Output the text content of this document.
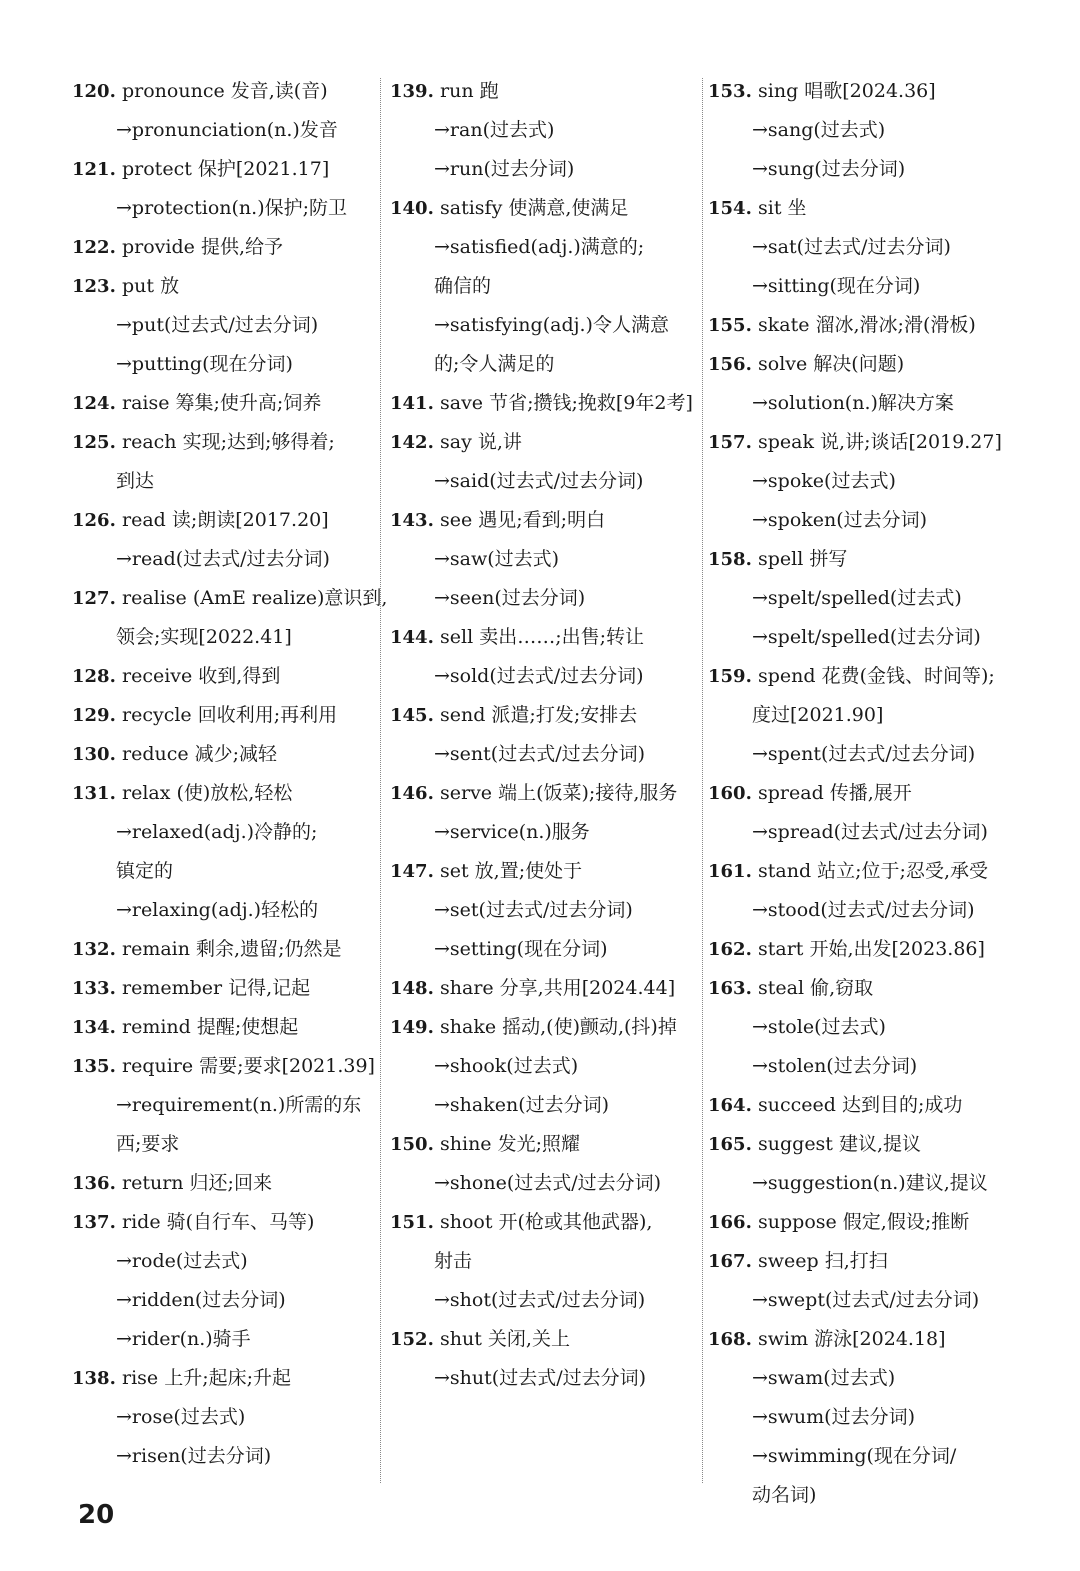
120. pronounce 发音,读(音)
→pronunciation(n.)发音
121. protect 保护[2021.17]
→protection(n.)保护;防卫
122. provide 提供,给予
123. put 放
→put(过去式/过去分词)
→putting(现在分词)
124. raise 筹集;使升高;饲养
125. reach 实现;达到;够得着;
到达
126. read 读;朗读[2017.20]
→read(过去式/过去分词)
127. realise (AmE realize)意识到,
领会;实现[2022.41]
128. receive 收到,得到
129. recycle 回收利用;再利用
130. reduce 减少;减轻
131. relax (使)放松,轻松
→relaxed(adj.)冷静的;
镇定的
→relaxing(adj.)轻松的
132. remain 剩余,遗留;仍然是
133. remember 记得,记起
134. remind 提醒;使想起
135. require 需要;要求[2021.39]
→requirement(n.)所需的东
西;要求
136. return 归还;回来
137. ride 骑(自行车、马等)
→rode(过去式)
→ridden(过去分词)
→rider(n.)骑手
138. rise 上升;起床;升起
→rose(过去式)
→risen(过去分词)
139. run 跑
→ran(过去式)
→run(过去分词)
140. satisfy 使满意,使满足
→satisfied(adj.)满意的;
确信的
→satisfying(adj.)令人满意
的;令人满足的
141. save 节省;攒钱;挽救[9年2考]
142. say 说,讲
→said(过去式/过去分词)
143. see 遇见;看到;明白
→saw(过去式)
→seen(过去分词)
144. sell 卖出……;出售;转让
→sold(过去式/过去分词)
145. send 派遣;打发;安排去
→sent(过去式/过去分词)
146. serve 端上(饭菜);接待,服务
→service(n.)服务
147. set 放,置;使处于
→set(过去式/过去分词)
→setting(现在分词)
148. share 分享,共用[2024.44]
149. shake 摇动,(使)颤动,(抖)掉
→shook(过去式)
→shaken(过去分词)
150. shine 发光;照耀
→shone(过去式/过去分词)
151. shoot 开(枪或其他武器),
射击
→shot(过去式/过去分词)
152. shut 关闭,关上
→shut(过去式/过去分词)
153. sing 唱歌[2024.36]
→sang(过去式)
→sung(过去分词)
154. sit 坐
→sat(过去式/过去分词)
→sitting(现在分词)
155. skate 溜冰,滑冰;滑(滑板)
156. solve 解决(问题)
→solution(n.)解决方案
157. speak 说,讲;谈话[2019.27]
→spoke(过去式)
→spoken(过去分词)
158. spell 拼写
→spelt/spelled(过去式)
→spelt/spelled(过去分词)
159. spend 花费(金钱、时间等);
度过[2021.90]
→spent(过去式/过去分词)
160. spread 传播,展开
→spread(过去式/过去分词)
161. stand 站立;位于;忍受,承受
→stood(过去式/过去分词)
162. start 开始,出发[2023.86]
163. steal 偷,窃取
→stole(过去式)
→stolen(过去分词)
164. succeed 达到目的;成功
165. suggest 建议,提议
→suggestion(n.)建议,提议
166. suppose 假定,假设;推断
167. sweep 扫,打扫
→swept(过去式/过去分词)
168. swim 游泳[2024.18]
→swam(过去式)
→swum(过去分词)
→swimming(现在分词/
动名词)
20
